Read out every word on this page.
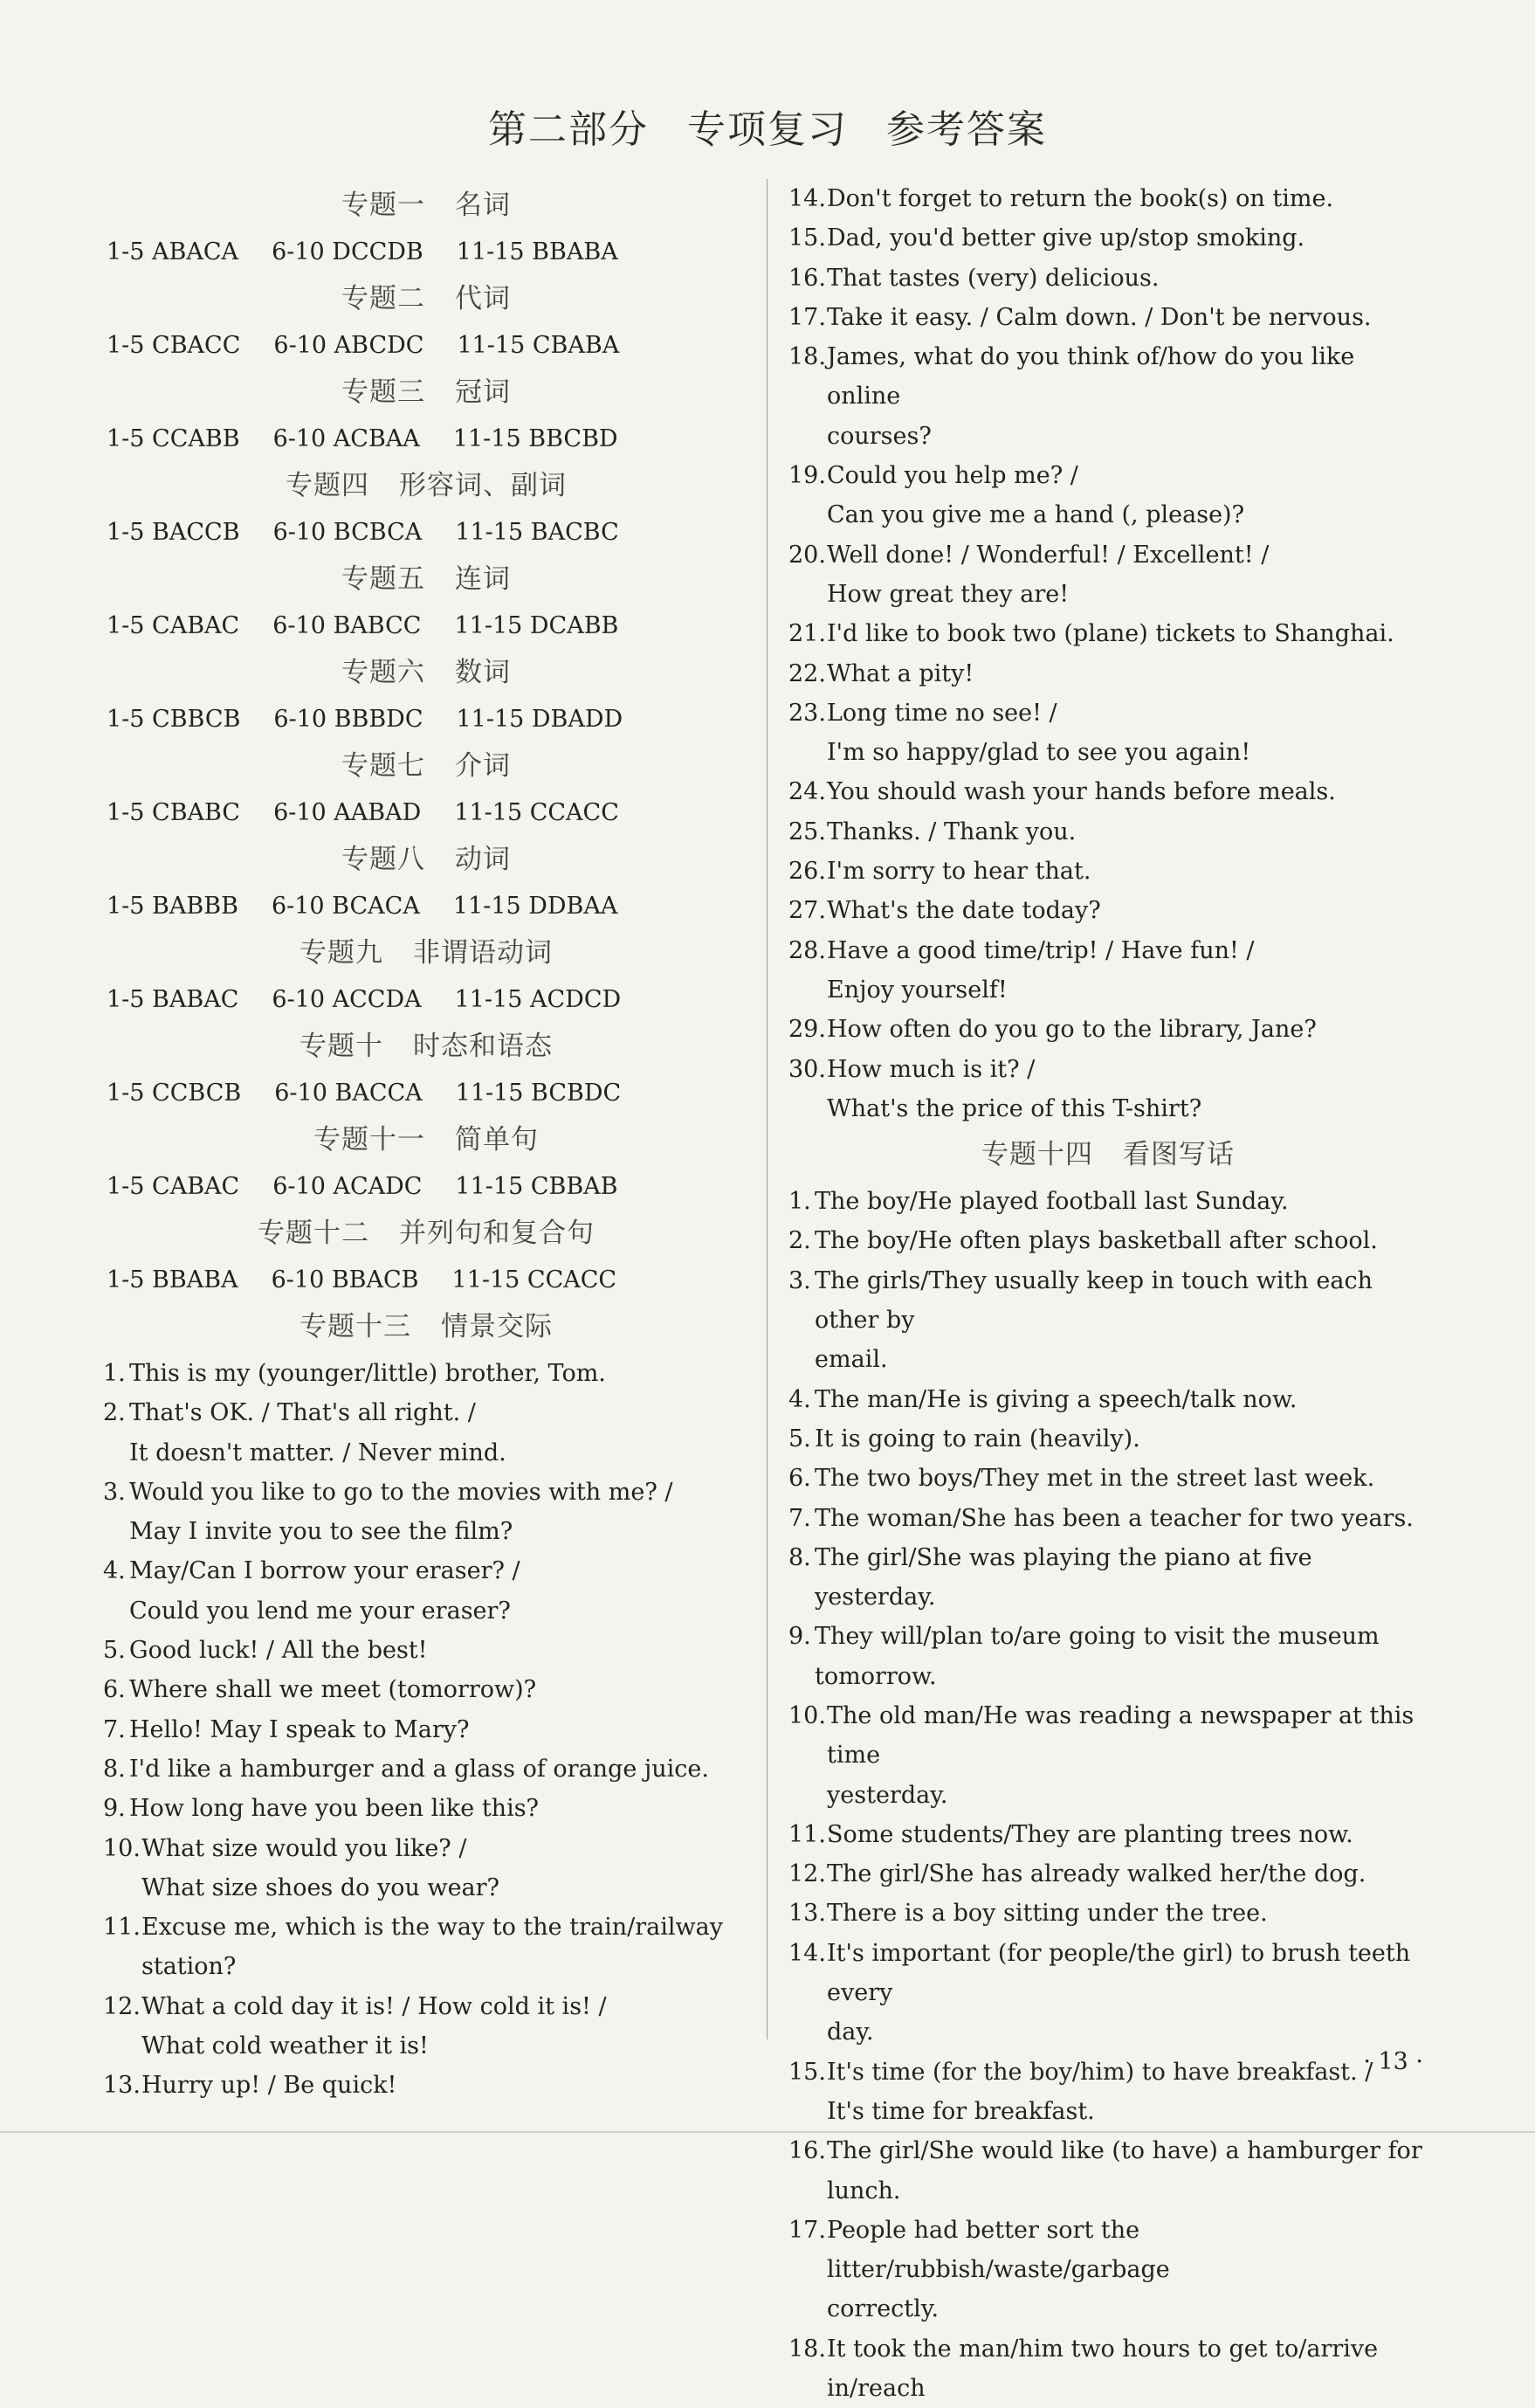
第二部分 专项复习 参考答案
专题一 名词
1-5 ABACA 6-10 DCCDB 11-15 BBABA
专题二 代词
1-5 CBACC 6-10 ABCDC 11-15 CBABA
专题三 冠词
1-5 CCABB 6-10 ACBAA 11-15 BBCBD
专题四 形容词、副词
1-5 BACCB 6-10 BCBCA 11-15 BACBC
专题五 连词
1-5 CABAC 6-10 BABCC 11-15 DCABB
专题六 数词
1-5 CBBCB 6-10 BBBDC 11-15 DBADD
专题七 介词
1-5 CBABC 6-10 AABAD 11-15 CCACC
专题八 动词
1-5 BABBB 6-10 BCACA 11-15 DDBAA
专题九 非谓语动词
1-5 BABAC 6-10 ACCDA 11-15 ACDCD
专题十 时态和语态
1-5 CCBCB 6-10 BACCA 11-15 BCBDC
专题十一 简单句
1-5 CABAC 6-10 ACADC 11-15 CBBAB
专题十二 并列句和复合句
1-5 BBABA 6-10 BBACB 11-15 CCACC
专题十三 情景交际
1. This is my (younger/little) brother, Tom.
2. That's OK. / That's all right. /
It doesn't matter. / Never mind.
3. Would you like to go to the movies with me? /
May I invite you to see the film?
4. May/Can I borrow your eraser? /
Could you lend me your eraser?
5. Good luck! / All the best!
6. Where shall we meet (tomorrow)?
7. Hello! May I speak to Mary?
8. I'd like a hamburger and a glass of orange juice.
9. How long have you been like this?
10. What size would you like? /
What size shoes do you wear?
11. Excuse me, which is the way to the train/railway station?
12. What a cold day it is! / How cold it is! /
What cold weather it is!
13. Hurry up! / Be quick!
14. Don't forget to return the book(s) on time.
15. Dad, you'd better give up/stop smoking.
16. That tastes (very) delicious.
17. Take it easy. / Calm down. / Don't be nervous.
18. James, what do you think of/how do you like online
courses?
19. Could you help me? /
Can you give me a hand (, please)?
20. Well done! / Wonderful! / Excellent! /
How great they are!
21. I'd like to book two (plane) tickets to Shanghai.
22. What a pity!
23. Long time no see! /
I'm so happy/glad to see you again!
24. You should wash your hands before meals.
25. Thanks. / Thank you.
26. I'm sorry to hear that.
27. What's the date today?
28. Have a good time/trip! / Have fun! /
Enjoy yourself!
29. How often do you go to the library, Jane?
30. How much is it? /
What's the price of this T-shirt?
专题十四 看图写话
1. The boy/He played football last Sunday.
2. The boy/He often plays basketball after school.
3. The girls/They usually keep in touch with each other by
email.
4. The man/He is giving a speech/talk now.
5. It is going to rain (heavily).
6. The two boys/They met in the street last week.
7. The woman/She has been a teacher for two years.
8. The girl/She was playing the piano at five yesterday.
9. They will/plan to/are going to visit the museum tomorrow.
10. The old man/He was reading a newspaper at this time
yesterday.
11. Some students/They are planting trees now.
12. The girl/She has already walked her/the dog.
13. There is a boy sitting under the tree.
14. It's important (for people/the girl) to brush teeth every
day.
15. It's time (for the boy/him) to have breakfast. /
It's time for breakfast.
16. The girl/She would like (to have) a hamburger for lunch.
17. People had better sort the litter/rubbish/waste/garbage
correctly.
18. It took the man/him two hours to get to/arrive in/reach
· 13 ·
